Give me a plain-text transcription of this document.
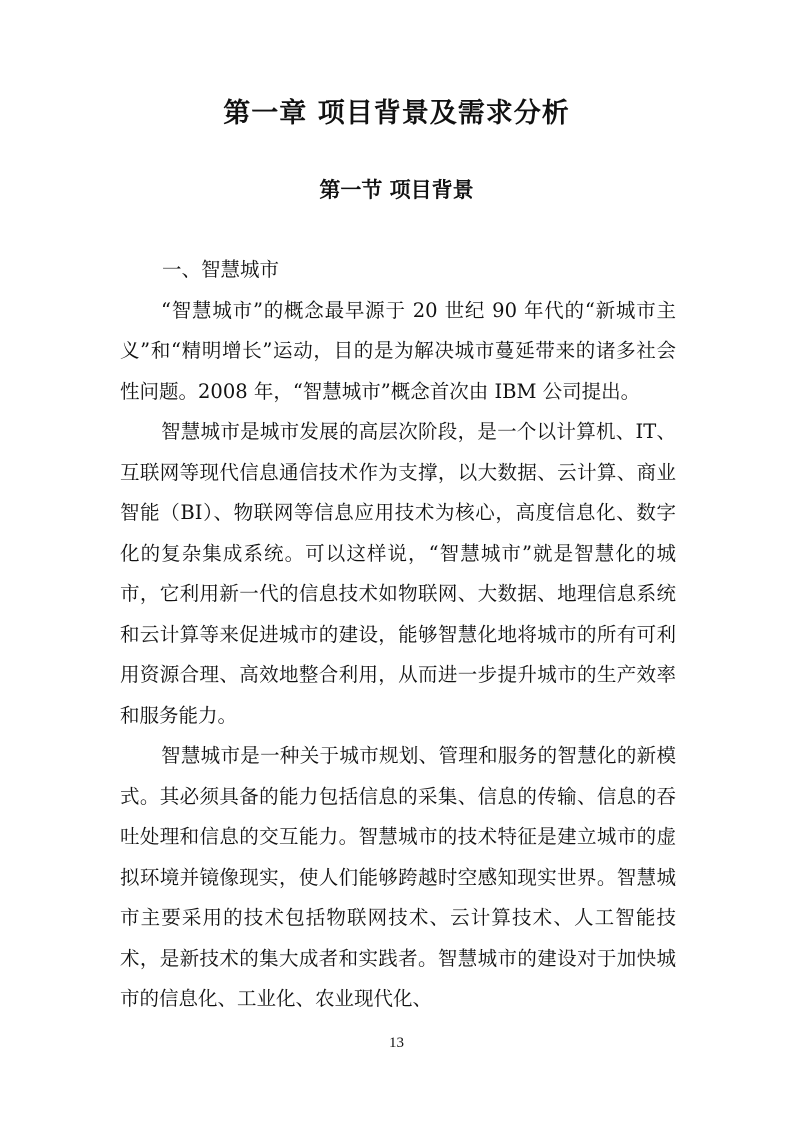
第一章 项目背景及需求分析
第一节 项目背景

一、智慧城市

“智慧城市”的概念最早源于 20 世纪 90 年代的“新城市主义”和“精明增长”运动，目的是为解决城市蔓延带来的诸多社会性问题。2008 年，“智慧城市”概念首次由 IBM 公司提出。

智慧城市是城市发展的高层次阶段，是一个以计算机、IT、互联网等现代信息通信技术作为支撑，以大数据、云计算、商业智能（BI）、物联网等信息应用技术为核心，高度信息化、数字化的复杂集成系统。可以这样说，“智慧城市”就是智慧化的城市，它利用新一代的信息技术如物联网、大数据、地理信息系统和云计算等来促进城市的建设，能够智慧化地将城市的所有可利用资源合理、高效地整合利用，从而进一步提升城市的生产效率和服务能力。

智慧城市是一种关于城市规划、管理和服务的智慧化的新模式。其必须具备的能力包括信息的采集、信息的传输、信息的吞吐处理和信息的交互能力。智慧城市的技术特征是建立城市的虚拟环境并镜像现实，使人们能够跨越时空感知现实世界。智慧城市主要采用的技术包括物联网技术、云计算技术、人工智能技术，是新技术的集大成者和实践者。智慧城市的建设对于加快城市的信息化、工业化、农业现代化、

13
